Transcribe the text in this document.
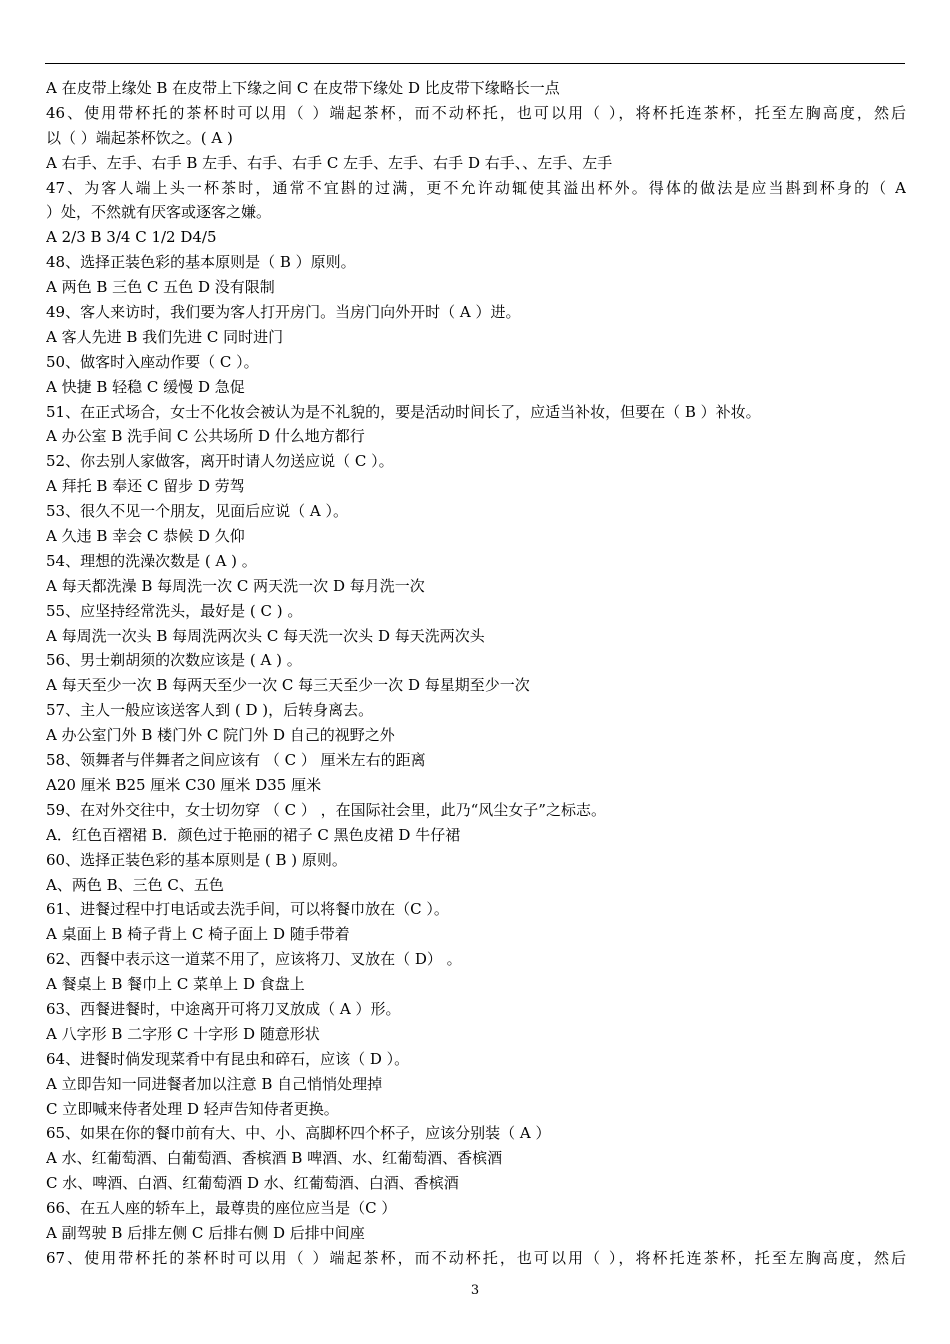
A 在皮带上缘处 B 在皮带上下缘之间 C 在皮带下缘处 D 比皮带下缘略长一点
46、使用带杯托的茶杯时可以用（ ）端起茶杯，而不动杯托，也可以用（ ），将杯托连茶杯，托至左胸高度，然后
以（ ）端起茶杯饮之。( A )
A 右手、左手、右手 B 左手、右手、右手 C 左手、左手、右手 D 右手、、左手、左手
47、为客人端上头一杯茶时，通常不宜斟的过满，更不允许动辄使其溢出杯外。得体的做法是应当斟到杯身的（ A
）处，不然就有厌客或逐客之嫌。
A 2/3 B 3/4 C 1/2 D4/5
48、选择正装色彩的基本原则是（ B ）原则。
A 两色 B 三色 C 五色 D 没有限制
49、客人来访时，我们要为客人打开房门。当房门向外开时（ A ）进。
A 客人先进 B 我们先进 C 同时进门
50、做客时入座动作要（ C ）。
A 快捷 B 轻稳 C 缓慢 D 急促
51、在正式场合，女士不化妆会被认为是不礼貌的，要是活动时间长了，应适当补妆，但要在（ B ）补妆。
A 办公室 B 洗手间 C 公共场所 D 什么地方都行
52、你去别人家做客，离开时请人勿送应说（ C ）。
A 拜托 B 奉还 C 留步 D 劳驾
53、很久不见一个朋友，见面后应说（ A ）。
A 久违 B 幸会 C 恭候 D 久仰
54、理想的洗澡次数是 ( A ) 。
A 每天都洗澡 B 每周洗一次 C 两天洗一次 D 每月洗一次
55、应坚持经常洗头，最好是 ( C ) 。
A 每周洗一次头 B 每周洗两次头 C 每天洗一次头 D 每天洗两次头
56、男士剃胡须的次数应该是 ( A ) 。
A 每天至少一次 B 每两天至少一次 C 每三天至少一次 D 每星期至少一次
57、主人一般应该送客人到 ( D )，后转身离去。
A 办公室门外 B 楼门外 C 院门外 D 自己的视野之外
58、领舞者与伴舞者之间应该有 （ C ） 厘米左右的距离
A20 厘米 B25 厘米 C30 厘米 D35 厘米
59、在对外交往中，女士切勿穿 （ C ） ，在国际社会里，此乃“风尘女子”之标志。
A．红色百褶裙 B．颜色过于艳丽的裙子 C 黑色皮裙 D 牛仔裙
60、选择正装色彩的基本原则是 ( B ) 原则。
A、两色 B、三色 C、五色
61、进餐过程中打电话或去洗手间，可以将餐巾放在（C ）。
A 桌面上 B 椅子背上 C 椅子面上 D 随手带着
62、西餐中表示这一道菜不用了，应该将刀、叉放在（ D） 。
A 餐桌上 B 餐巾上 C 菜单上 D 食盘上
63、西餐进餐时，中途离开可将刀叉放成（ A ）形。
A 八字形 B 二字形 C 十字形 D 随意形状
64、进餐时倘发现菜肴中有昆虫和碎石，应该（ D ）。
A 立即告知一同进餐者加以注意 B 自己悄悄处理掉
C 立即喊来侍者处理 D 轻声告知侍者更换。
65、如果在你的餐巾前有大、中、小、高脚杯四个杯子，应该分别装（ A ）
A 水、红葡萄酒、白葡萄酒、香槟酒 B 啤酒、水、红葡萄酒、香槟酒
C 水、啤酒、白酒、红葡萄酒 D 水、红葡萄酒、白酒、香槟酒
66、在五人座的轿车上，最尊贵的座位应当是（C ）
A 副驾驶 B 后排左侧 C 后排右侧 D 后排中间座
67、使用带杯托的茶杯时可以用（ ）端起茶杯，而不动杯托，也可以用（ ），将杯托连茶杯，托至左胸高度，然后
3
